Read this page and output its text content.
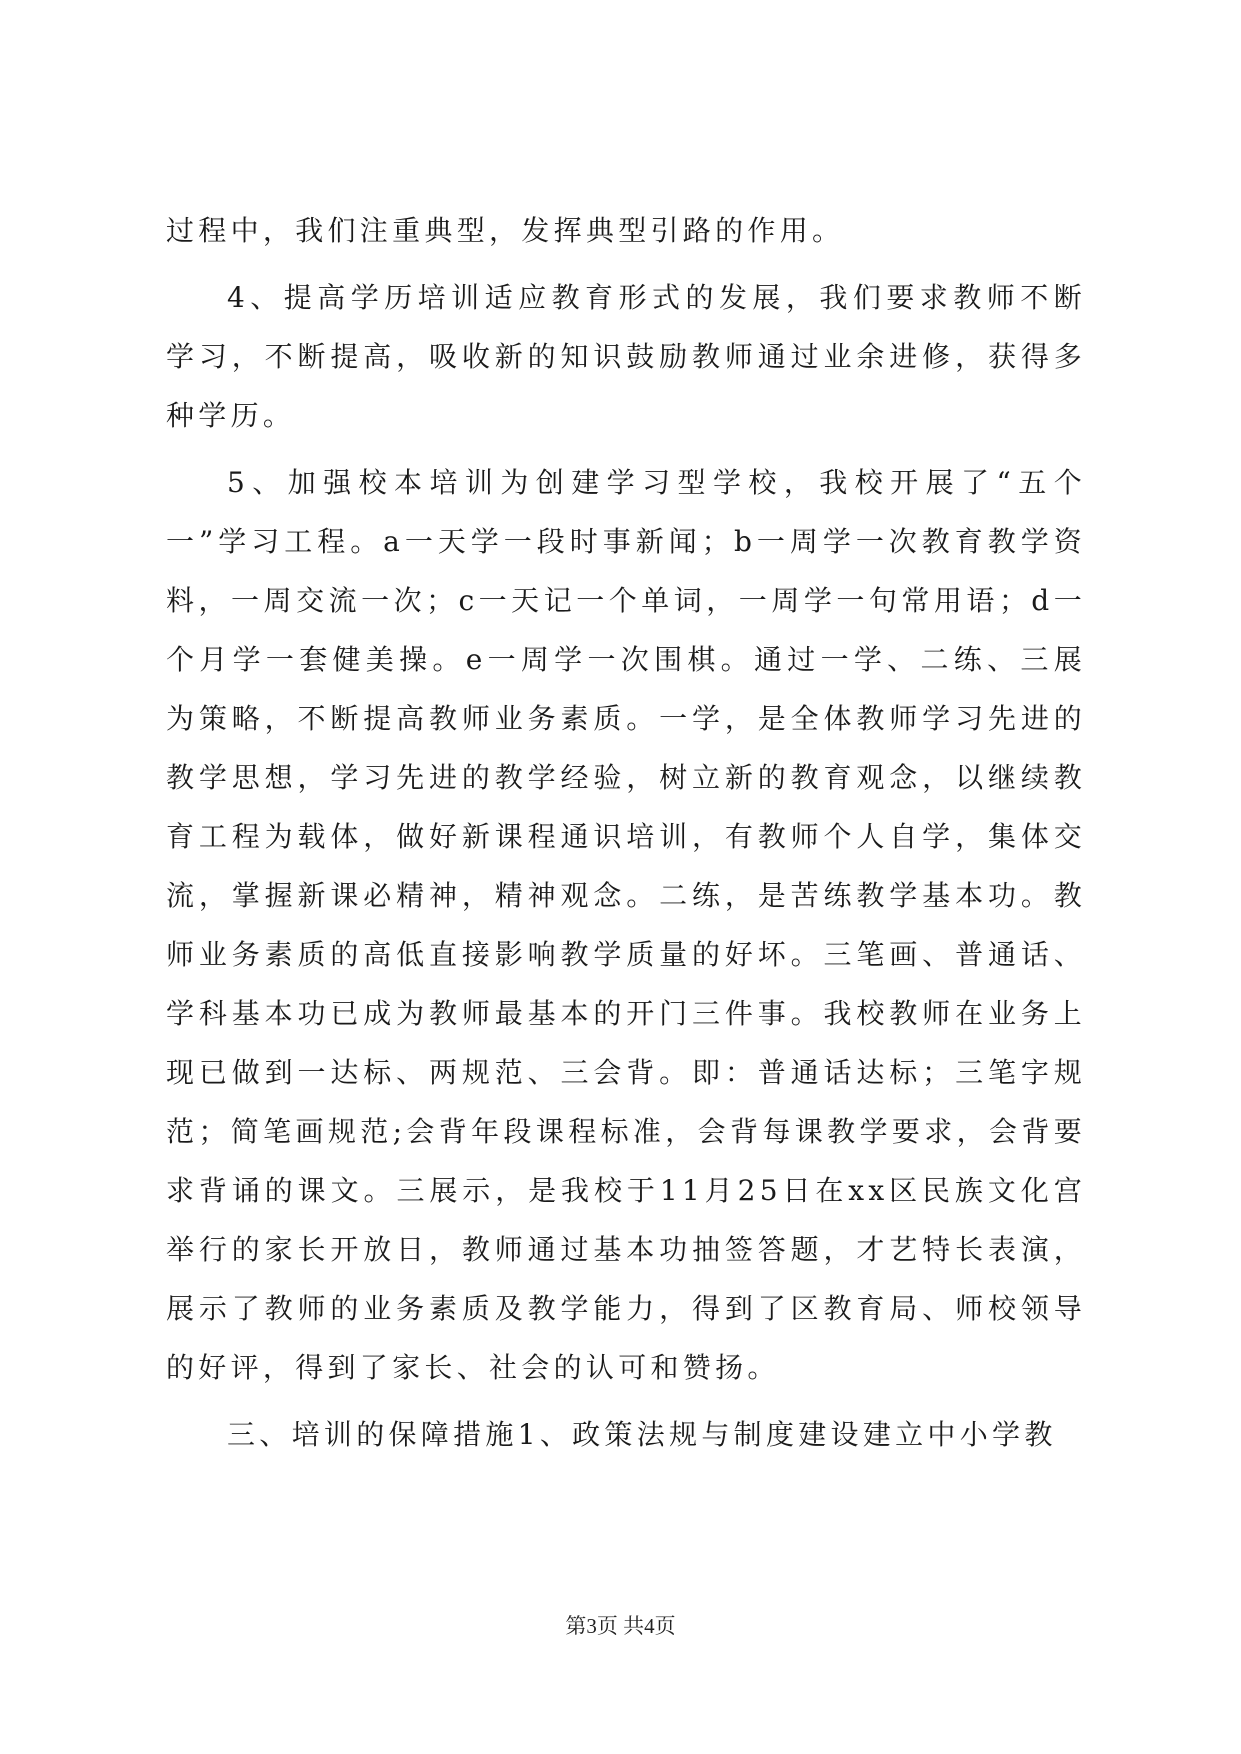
过程中，我们注重典型，发挥典型引路的作用。

4、提高学历培训适应教育形式的发展，我们要求教师不断学习，不断提高，吸收新的知识鼓励教师通过业余进修，获得多种学历。

5、加强校本培训为创建学习型学校，我校开展了“五个一”学习工程。a一天学一段时事新闻；b一周学一次教育教学资料，一周交流一次；c一天记一个单词，一周学一句常用语；d一个月学一套健美操。e一周学一次围棋。通过一学、二练、三展为策略，不断提高教师业务素质。一学，是全体教师学习先进的教学思想，学习先进的教学经验，树立新的教育观念，以继续教育工程为载体，做好新课程通识培训，有教师个人自学，集体交流，掌握新课必精神，精神观念。二练，是苦练教学基本功。教师业务素质的高低直接影响教学质量的好坏。三笔画、普通话、学科基本功已成为教师最基本的开门三件事。我校教师在业务上现已做到一达标、两规范、三会背。即：普通话达标；三笔字规范；简笔画规范;会背年段课程标准，会背每课教学要求，会背要求背诵的课文。三展示，是我校于11月25日在xx区民族文化宫举行的家长开放日，教师通过基本功抽签答题，才艺特长表演，展示了教师的业务素质及教学能力，得到了区教育局、师校领导的好评，得到了家长、社会的认可和赞扬。

三、培训的保障措施1、政策法规与制度建设建立中小学教

第3页 共4页
